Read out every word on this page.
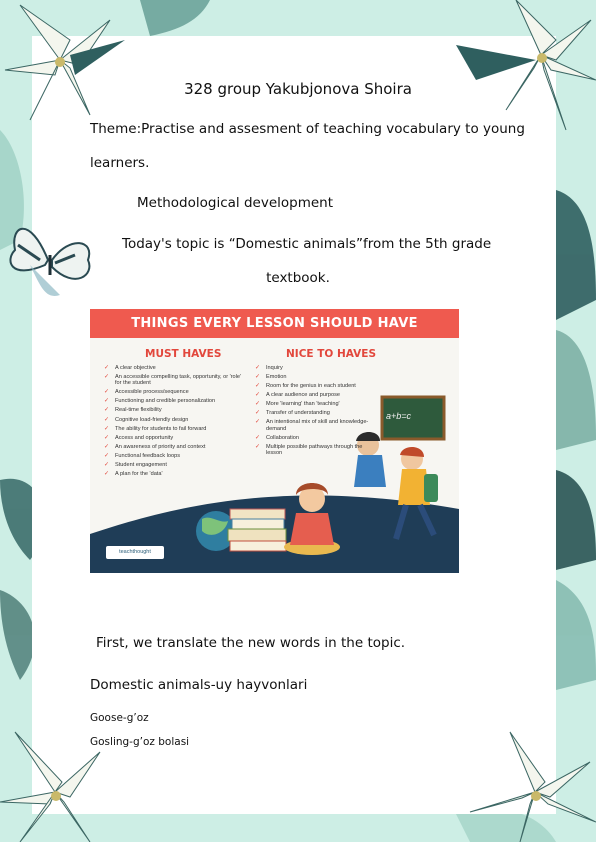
328 group Yakubjonova Shoira
Theme:Practise and assesment of teaching vocabulary to young
learners.
Methodological development
Today's topic is “Domestic animals”from the 5th grade
textbook.
THINGS EVERY LESSON SHOULD HAVE
MUST HAVES	NICE TO HAVES
✓ A clear objective
✓ An accessible compelling task, opportunity, or 'role' for the student
✓ Accessible process/sequence
✓ Functioning and credible personalization
✓ Real-time flexibility
✓ Cognitive load-friendly design
✓ The ability for students to fail forward
✓ Access and opportunity
✓ An awareness of priority and context
✓ Functional feedback loops
✓ Student engagement
✓ A plan for the 'data'
✓ Inquiry
✓ Emotion
✓ Room for the genius in each student
✓ A clear audience and purpose
✓ More 'learning' than 'teaching'
✓ Transfer of understanding
✓ An intentional mix of skill and knowledge-demand
✓ Collaboration
✓ Multiple possible pathways through the lesson
a+b=c
teachthought
First, we translate the new words in the topic.
Domestic animals-uy hayvonlari
Goose-g’oz
Gosling-g’oz bolasi
